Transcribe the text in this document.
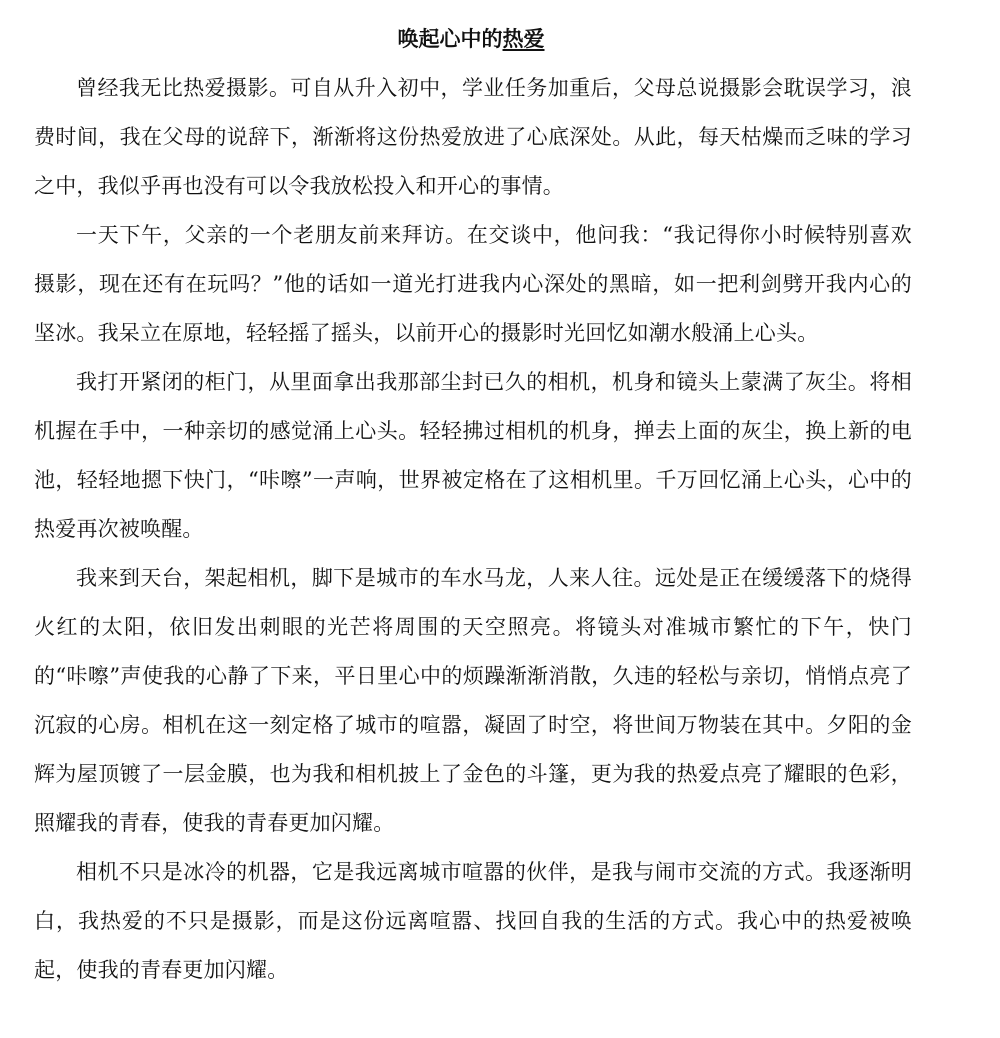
唤起心中的热爱

曾经我无比热爱摄影。可自从升入初中，学业任务加重后，父母总说摄影会耽误学习，浪费时间，我在父母的说辞下，渐渐将这份热爱放进了心底深处。从此，每天枯燥而乏味的学习之中，我似乎再也没有可以令我放松投入和开心的事情。

一天下午，父亲的一个老朋友前来拜访。在交谈中，他问我：“我记得你小时候特别喜欢摄影，现在还有在玩吗？”他的话如一道光打进我内心深处的黑暗，如一把利剑劈开我内心的坚冰。我呆立在原地，轻轻摇了摇头，以前开心的摄影时光回忆如潮水般涌上心头。

我打开紧闭的柜门，从里面拿出我那部尘封已久的相机，机身和镜头上蒙满了灰尘。将相机握在手中，一种亲切的感觉涌上心头。轻轻拂过相机的机身，掸去上面的灰尘，换上新的电池，轻轻地摁下快门，“咔嚓”一声响，世界被定格在了这相机里。千万回忆涌上心头，心中的热爱再次被唤醒。

我来到天台，架起相机，脚下是城市的车水马龙，人来人往。远处是正在缓缓落下的烧得火红的太阳，依旧发出刺眼的光芒将周围的天空照亮。将镜头对准城市繁忙的下午，快门的“咔嚓”声使我的心静了下来，平日里心中的烦躁渐渐消散，久违的轻松与亲切，悄悄点亮了沉寂的心房。相机在这一刻定格了城市的喧嚣，凝固了时空，将世间万物装在其中。夕阳的金辉为屋顶镀了一层金膜，也为我和相机披上了金色的斗篷，更为我的热爱点亮了耀眼的色彩，照耀我的青春，使我的青春更加闪耀。

相机不只是冰冷的机器，它是我远离城市喧嚣的伙伴，是我与闹市交流的方式。我逐渐明白，我热爱的不只是摄影，而是这份远离喧嚣、找回自我的生活的方式。我心中的热爱被唤起，使我的青春更加闪耀。
